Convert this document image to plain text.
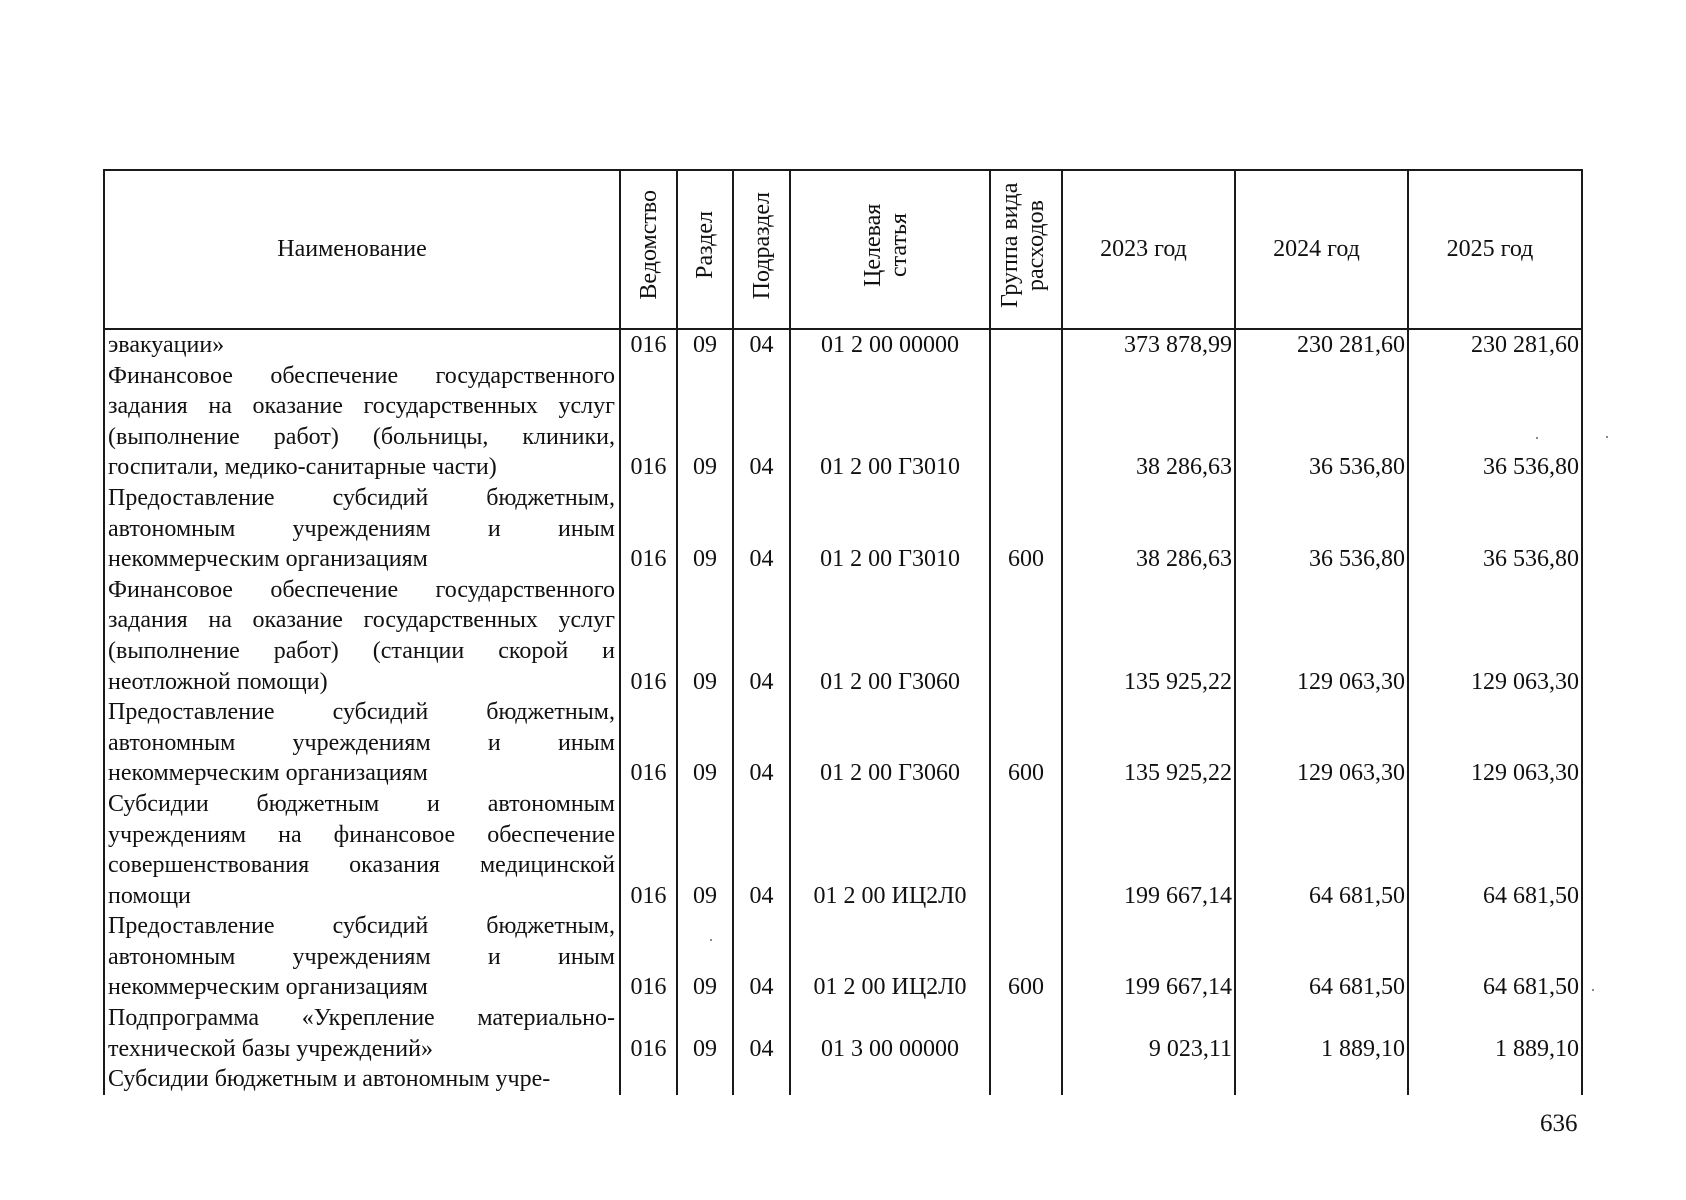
Наименование	Ведомство	Раздел	Подраздел	Целевая статья	Группа вида расходов	2023 год	2024 год	2025 год
эвакуации»	016	09	04	01 2 00 00000		373 878,99	230 281,60	230 281,60
Финансовое обеспечение государственного задания на оказание государственных услуг (выполнение работ) (больницы, клиники, госпитали, медико-санитарные части)	016	09	04	01 2 00 Г3010		38 286,63	36 536,80	36 536,80
Предоставление субсидий бюджетным, автономным учреждениям и иным некоммерческим организациям	016	09	04	01 2 00 Г3010	600	38 286,63	36 536,80	36 536,80
Финансовое обеспечение государственного задания на оказание государственных услуг (выполнение работ) (станции скорой и неотложной помощи)	016	09	04	01 2 00 Г3060		135 925,22	129 063,30	129 063,30
Предоставление субсидий бюджетным, автономным учреждениям и иным некоммерческим организациям	016	09	04	01 2 00 Г3060	600	135 925,22	129 063,30	129 063,30
Субсидии бюджетным и автономным учреждениям на финансовое обеспечение совершенствования оказания медицинской помощи	016	09	04	01 2 00 ИЦ2Л0		199 667,14	64 681,50	64 681,50
Предоставление субсидий бюджетным, автономным учреждениям и иным некоммерческим организациям	016	09	04	01 2 00 ИЦ2Л0	600	199 667,14	64 681,50	64 681,50
Подпрограмма «Укрепление материально-технической базы учреждений»	016	09	04	01 3 00 00000		9 023,11	1 889,10	1 889,10
Субсидии бюджетным и автономным учре-								
636
